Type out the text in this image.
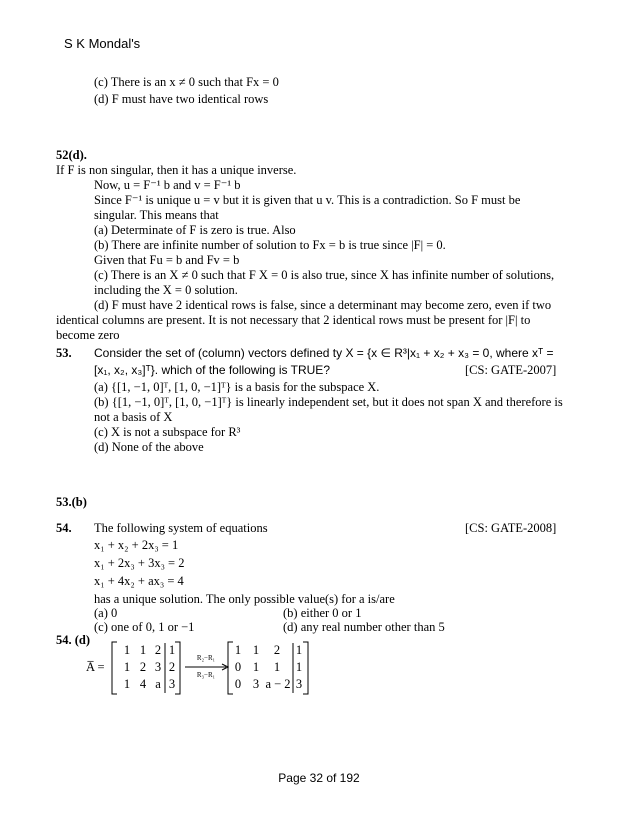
S K Mondal's
(c) There is an x ≠ 0 such that Fx = 0
(d) F must have two identical rows
52(d).
If F is non singular, then it has a unique inverse.
Now, u = F⁻¹ b and v = F⁻¹ b
Since F⁻¹ is unique u = v but it is given that u v. This is a contradiction. So F must be
singular. This means that
(a) Determinate of F is zero is true. Also
(b) There are infinite number of solution to Fx = b is true since |F| = 0.
Given that Fu = b and Fv = b
(c) There is an X ≠ 0 such that F X = 0 is also true, since X has infinite number of solutions,
including the X = 0 solution.
(d) F must have 2 identical rows is false, since a determinant may become zero, even if two
identical columns are present. It is not necessary that 2 identical rows must be present for |F| to
become zero
53. Consider the set of (column) vectors defined ty X = {x ∈ R³|x₁ + x₂ + x₃ = 0, where xᵀ =
[x₁, x₂, x₃]ᵀ}. which of the following is TRUE?	[CS: GATE-2007]
(a) {[1, −1, 0]ᵀ, [1, 0, −1]ᵀ} is a basis for the subspace X.
(b) {[1, −1, 0]ᵀ, [1, 0, −1]ᵀ} is linearly independent set, but it does not span X and therefore is
not a basis of X
(c) X is not a subspace for R³
(d) None of the above
53.(b)
54. The following system of equations	[CS: GATE-2008]
x₁ + x₂ + 2x₃ = 1
x₁ + 2x₃ + 3x₃ = 2
x₁ + 4x₂ + ax₃ = 4
has a unique solution. The only possible value(s) for a is/are
(a) 0	(b) either 0 or 1
(c) one of 0, 1 or −1	(d) any real number other than 5
54. (d)
A̅ =
1 1 2 1
1 2 3 2
1 4 a 3
R₂−R₁
R₃−R₁
1 1	2	1
0 1	1	1
0 3 a − 2 3
Page 32 of 192
